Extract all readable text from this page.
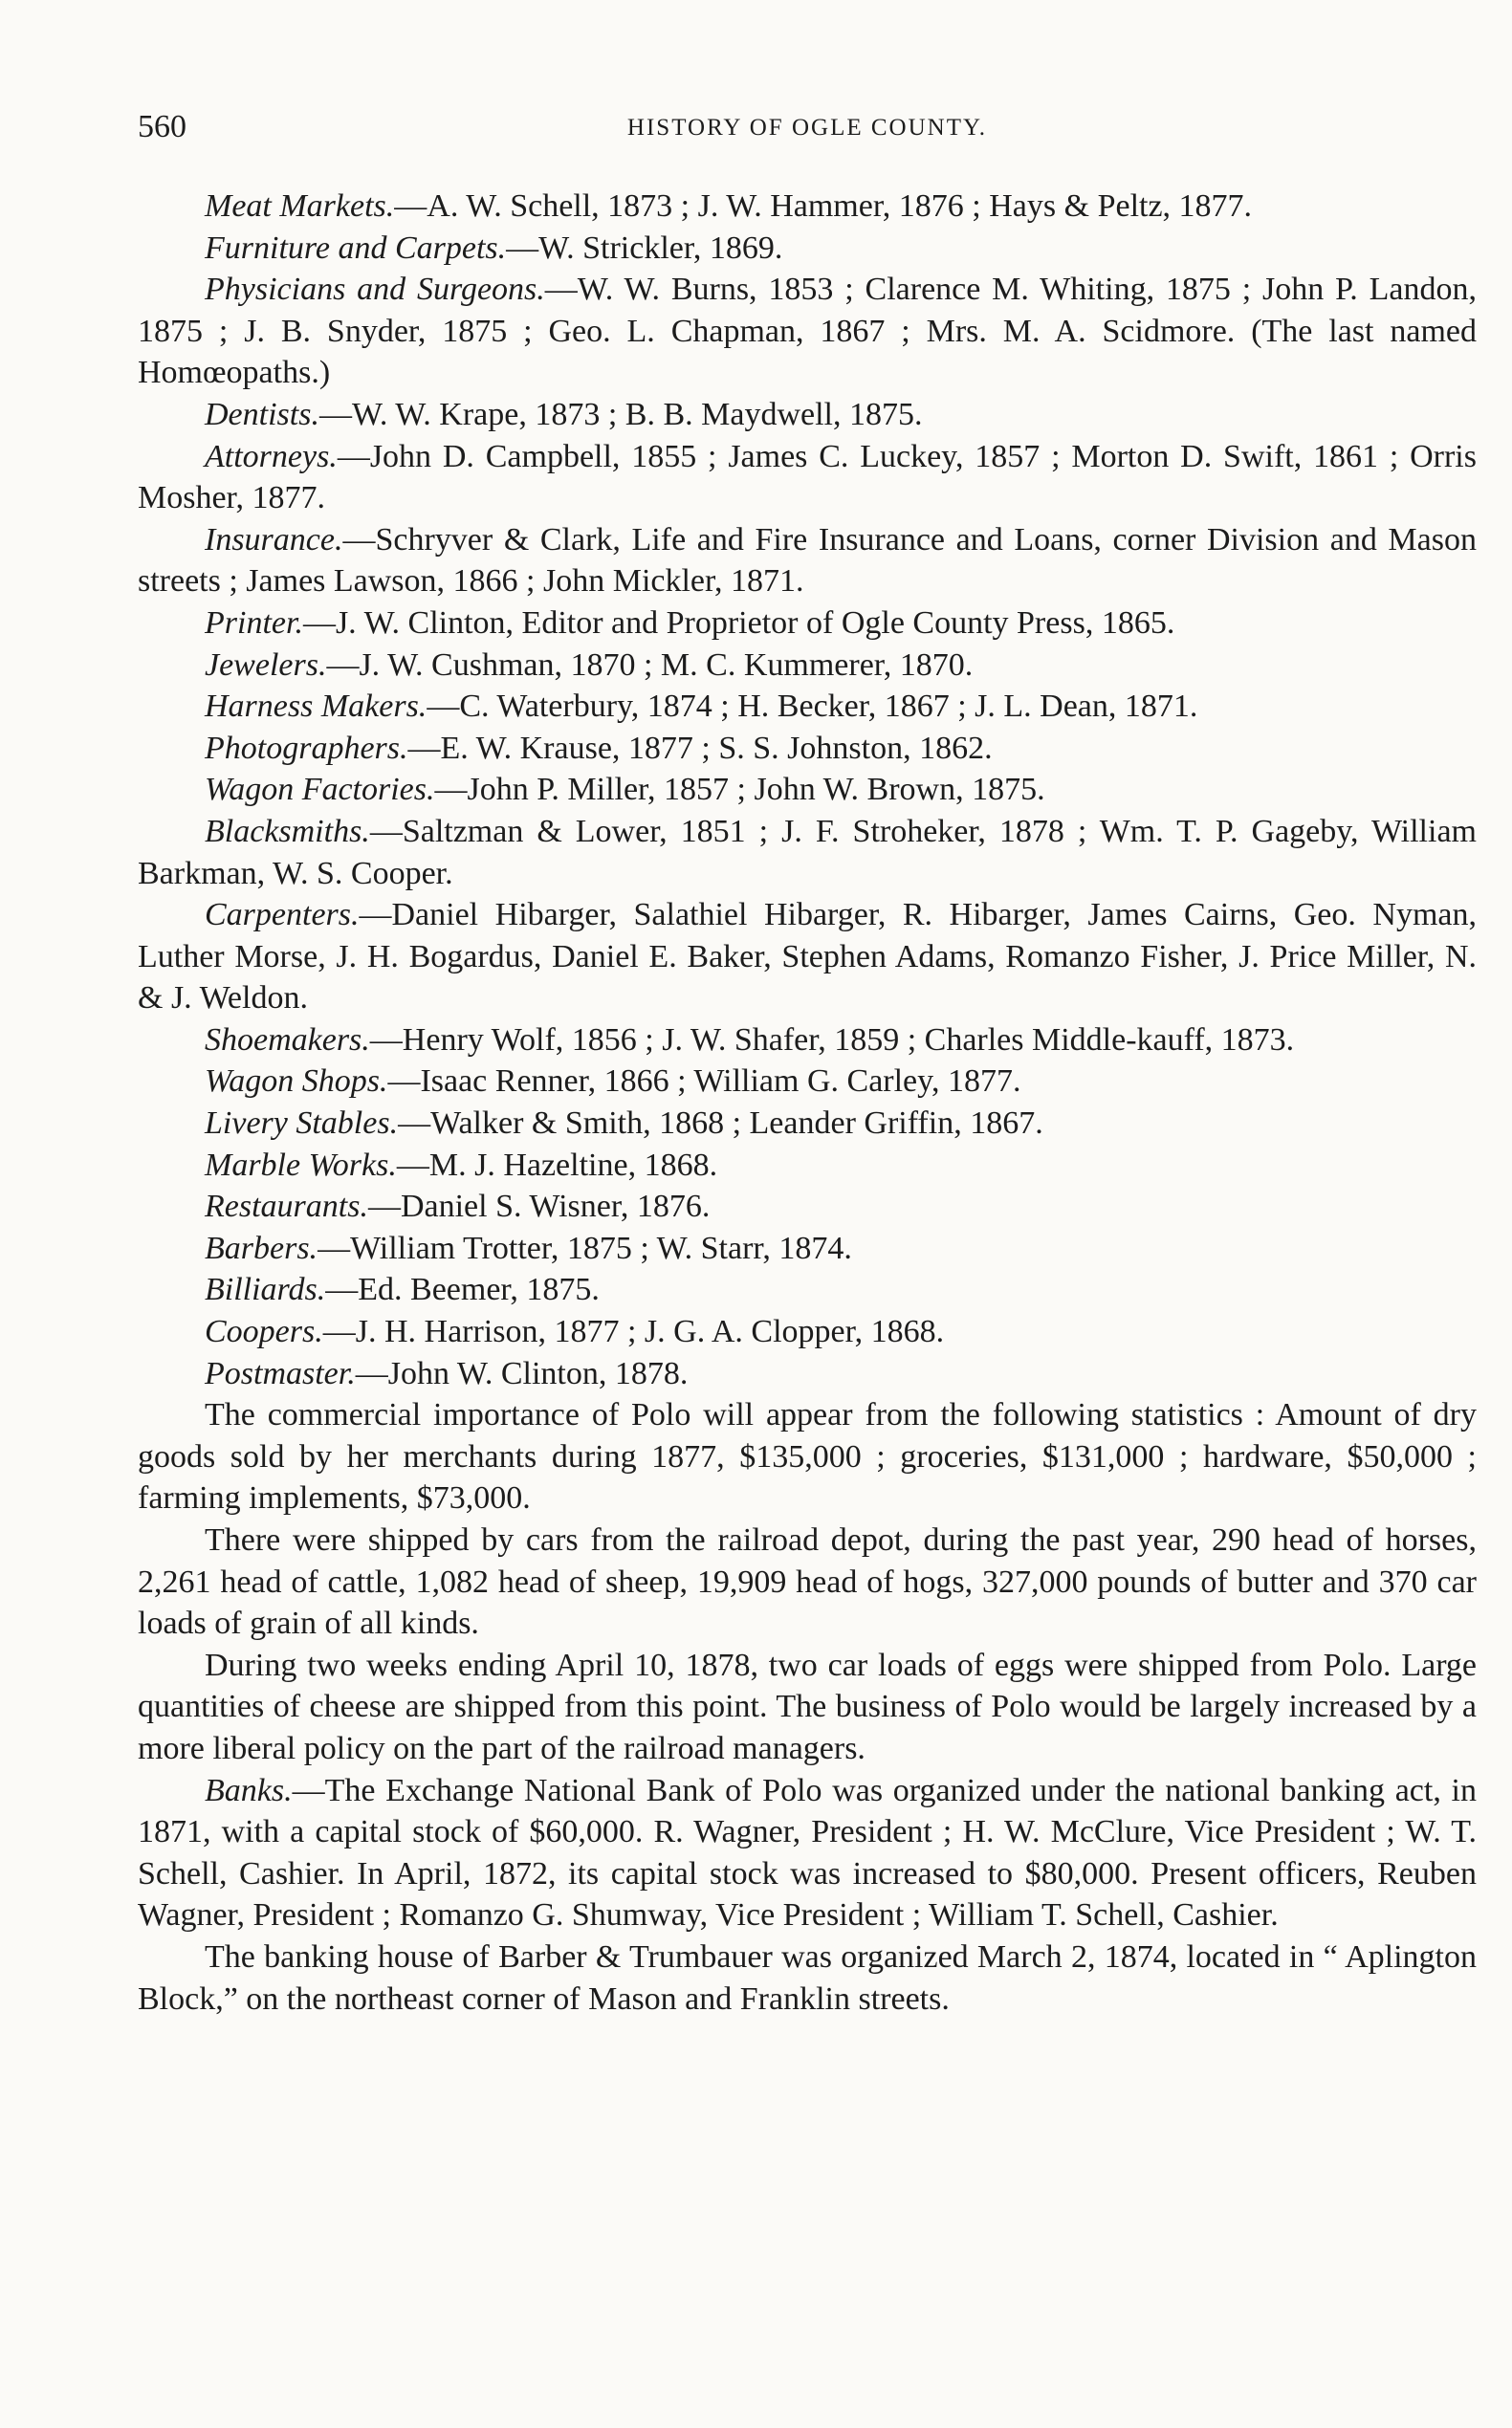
560	HISTORY OF OGLE COUNTY.

Meat Markets.—A. W. Schell, 1873 ; J. W. Hammer, 1876 ; Hays & Peltz, 1877.

Furniture and Carpets.—W. Strickler, 1869.

Physicians and Surgeons.—W. W. Burns, 1853 ; Clarence M. Whiting, 1875 ; John P. Landon, 1875 ; J. B. Snyder, 1875 ; Geo. L. Chapman, 1867 ; Mrs. M. A. Scidmore. (The last named Homœopaths.)

Dentists.—W. W. Krape, 1873 ; B. B. Maydwell, 1875.

Attorneys.—John D. Campbell, 1855 ; James C. Luckey, 1857 ; Morton D. Swift, 1861 ; Orris Mosher, 1877.

Insurance.—Schryver & Clark, Life and Fire Insurance and Loans, corner Division and Mason streets ; James Lawson, 1866 ; John Mickler, 1871.

Printer.—J. W. Clinton, Editor and Proprietor of Ogle County Press, 1865.

Jewelers.—J. W. Cushman, 1870 ; M. C. Kummerer, 1870.

Harness Makers.—C. Waterbury, 1874 ; H. Becker, 1867 ; J. L. Dean, 1871.

Photographers.—E. W. Krause, 1877 ; S. S. Johnston, 1862.

Wagon Factories.—John P. Miller, 1857 ; John W. Brown, 1875.

Blacksmiths.—Saltzman & Lower, 1851 ; J. F. Stroheker, 1878 ; Wm. T. P. Gageby, William Barkman, W. S. Cooper.

Carpenters.—Daniel Hibarger, Salathiel Hibarger, R. Hibarger, James Cairns, Geo. Nyman, Luther Morse, J. H. Bogardus, Daniel E. Baker, Stephen Adams, Romanzo Fisher, J. Price Miller, N. & J. Weldon.

Shoemakers.—Henry Wolf, 1856 ; J. W. Shafer, 1859 ; Charles Middle-kauff, 1873.

Wagon Shops.—Isaac Renner, 1866 ; William G. Carley, 1877.

Livery Stables.—Walker & Smith, 1868 ; Leander Griffin, 1867.

Marble Works.—M. J. Hazeltine, 1868.

Restaurants.—Daniel S. Wisner, 1876.

Barbers.—William Trotter, 1875 ; W. Starr, 1874.

Billiards.—Ed. Beemer, 1875.

Coopers.—J. H. Harrison, 1877 ; J. G. A. Clopper, 1868.

Postmaster.—John W. Clinton, 1878.

The commercial importance of Polo will appear from the following statistics : Amount of dry goods sold by her merchants during 1877, $135,000 ; groceries, $131,000 ; hardware, $50,000 ; farming implements, $73,000.

There were shipped by cars from the railroad depot, during the past year, 290 head of horses, 2,261 head of cattle, 1,082 head of sheep, 19,909 head of hogs, 327,000 pounds of butter and 370 car loads of grain of all kinds.

During two weeks ending April 10, 1878, two car loads of eggs were shipped from Polo. Large quantities of cheese are shipped from this point. The business of Polo would be largely increased by a more liberal policy on the part of the railroad managers.

Banks.—The Exchange National Bank of Polo was organized under the national banking act, in 1871, with a capital stock of $60,000. R. Wagner, President ; H. W. McClure, Vice President ; W. T. Schell, Cashier. In April, 1872, its capital stock was increased to $80,000. Present officers, Reuben Wagner, President ; Romanzo G. Shumway, Vice President ; William T. Schell, Cashier.

The banking house of Barber & Trumbauer was organized March 2, 1874, located in “ Aplington Block,” on the northeast corner of Mason and Franklin streets.
